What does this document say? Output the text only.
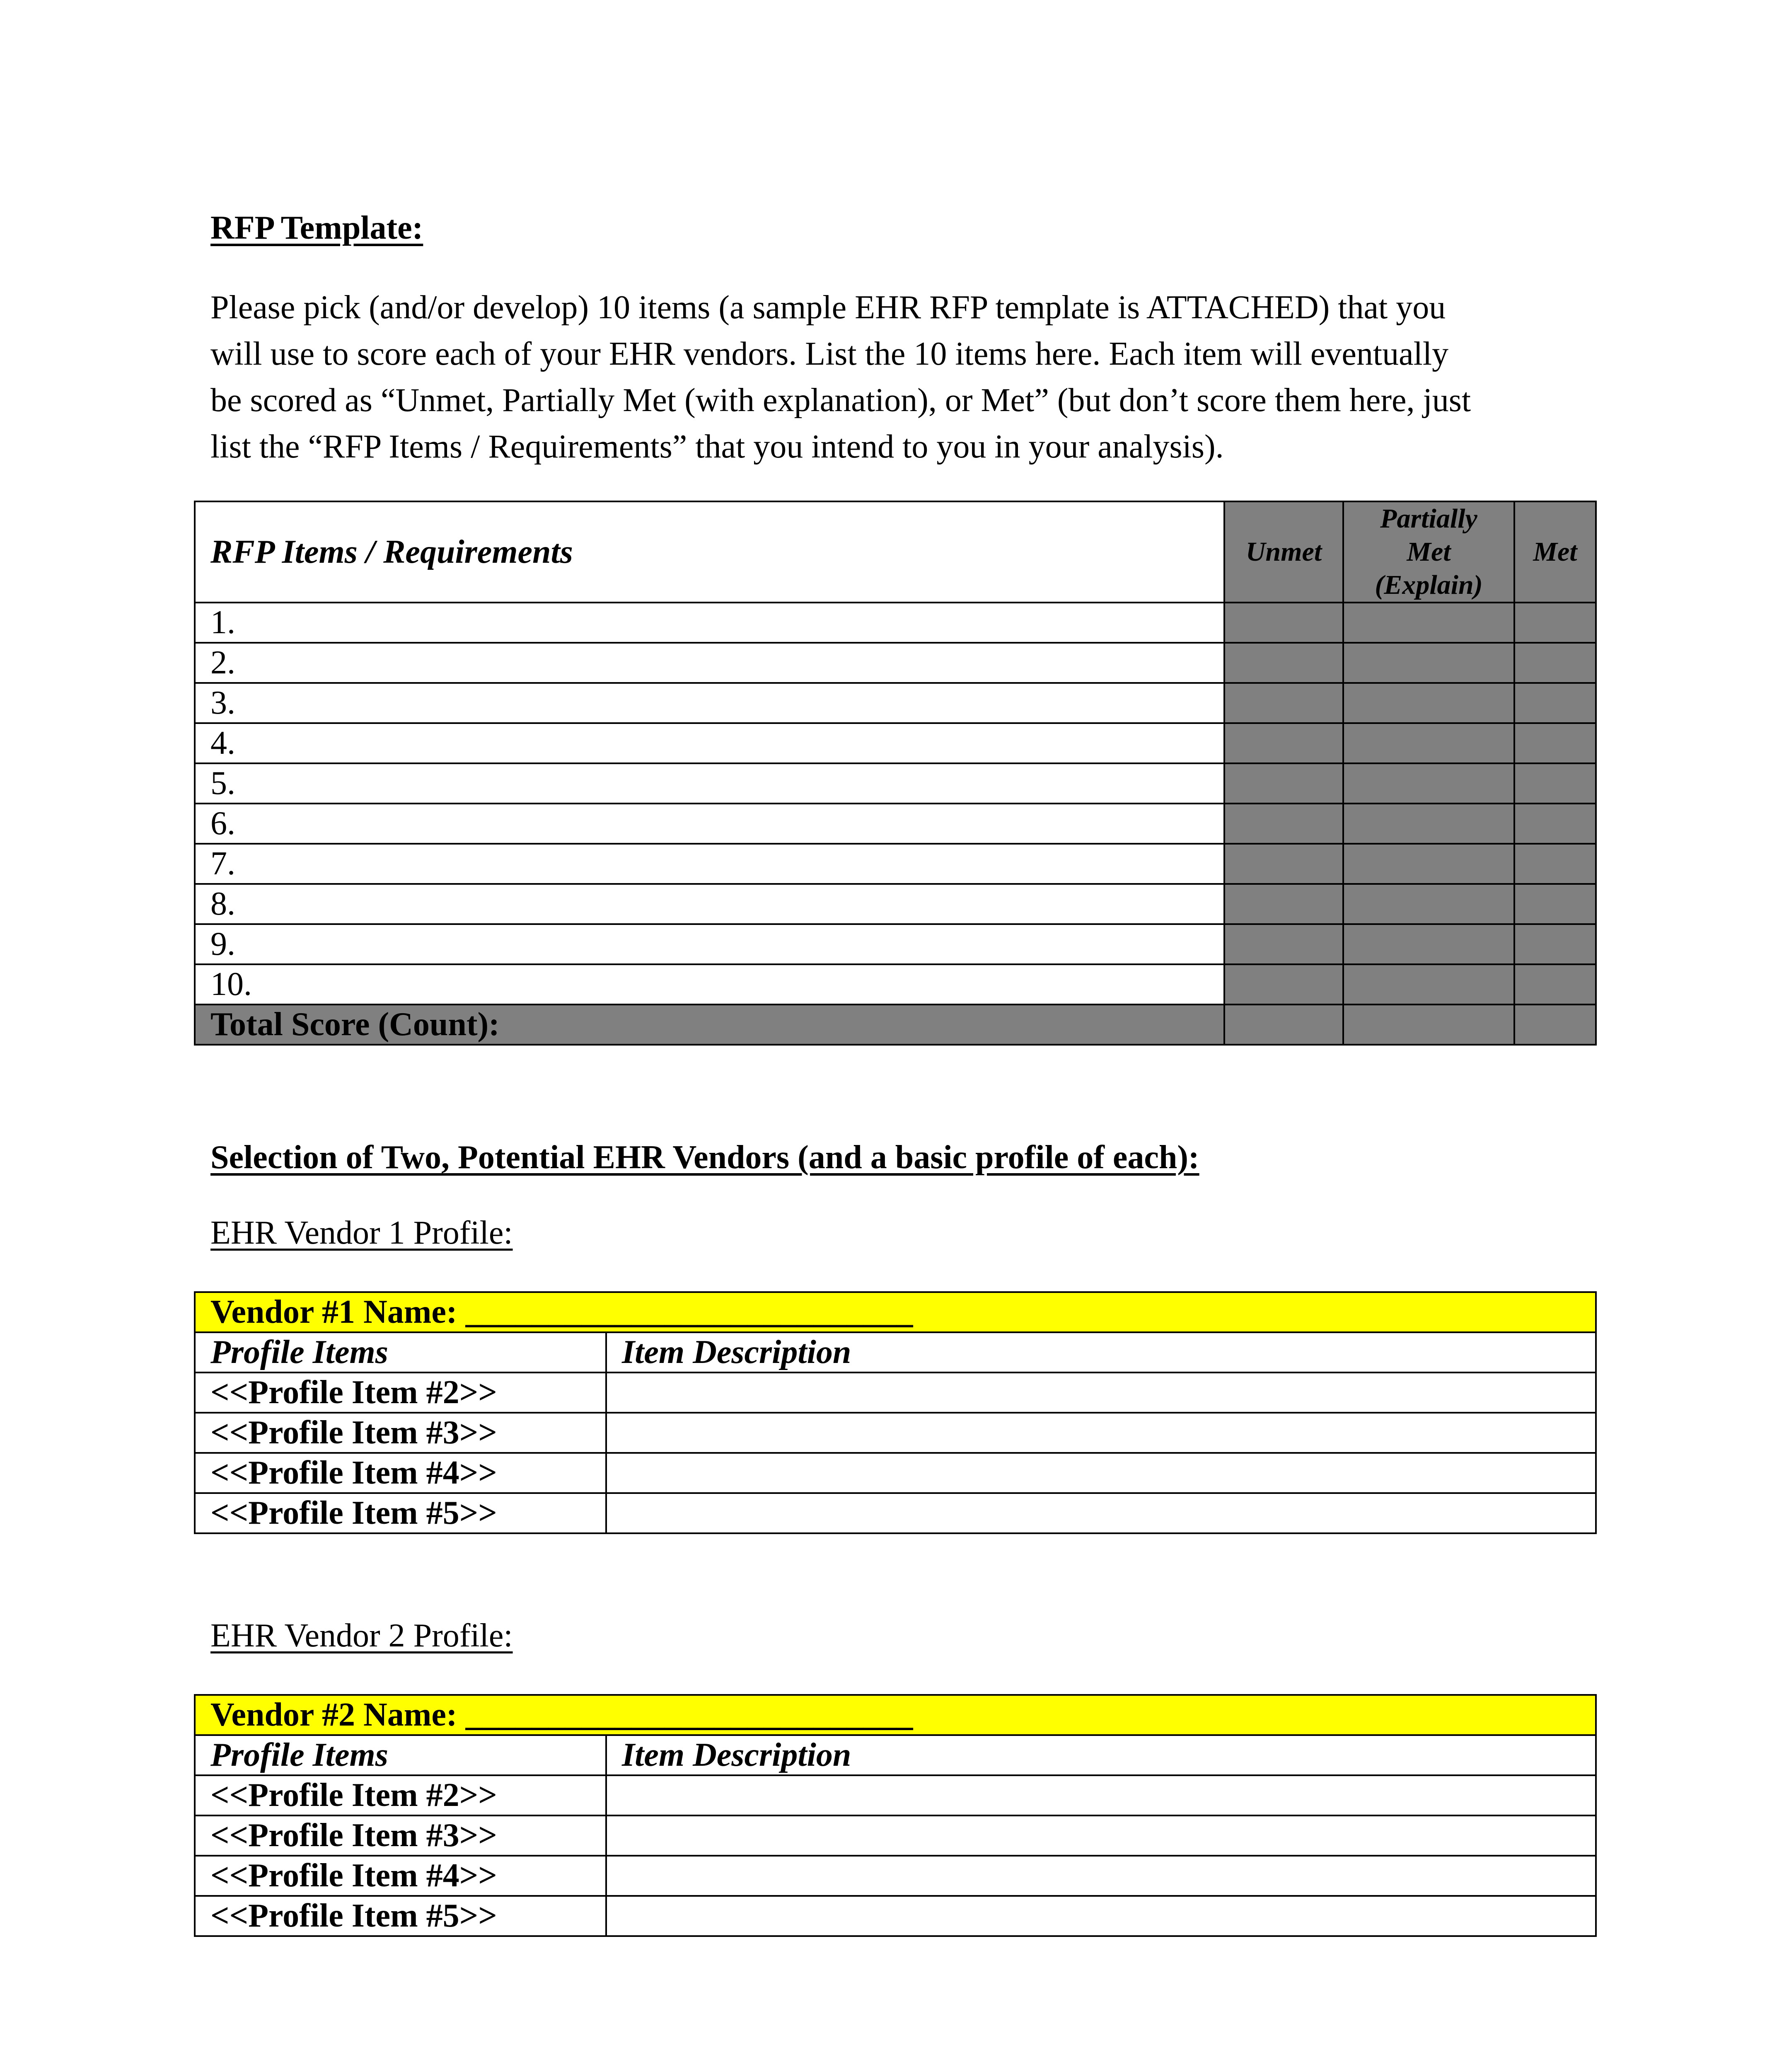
RFP Template:
Please pick (and/or develop) 10 items (a sample EHR RFP template is ATTACHED) that you
will use to score each of your EHR vendors. List the 10 items here. Each item will eventually
be scored as “Unmet, Partially Met (with explanation), or Met” (but don’t score them here, just
list the “RFP Items / Requirements” that you intend to you in your analysis).
RFP Items / Requirements	Unmet	Partially
Met
(Explain)	Met
1.			
2.			
3.			
4.			
5.			
6.			
7.			
8.			
9.			
10.			
Total Score (Count):			
Selection of Two, Potential EHR Vendors (and a basic profile of each):
EHR Vendor 1 Profile:
Vendor #1 Name: ___________________________	
Profile Items	Item Description
<<Profile Item #2>>	
<<Profile Item #3>>	
<<Profile Item #4>>	
<<Profile Item #5>>	
EHR Vendor 2 Profile:
Vendor #2 Name: ___________________________	
Profile Items	Item Description
<<Profile Item #2>>	
<<Profile Item #3>>	
<<Profile Item #4>>	
<<Profile Item #5>>	
